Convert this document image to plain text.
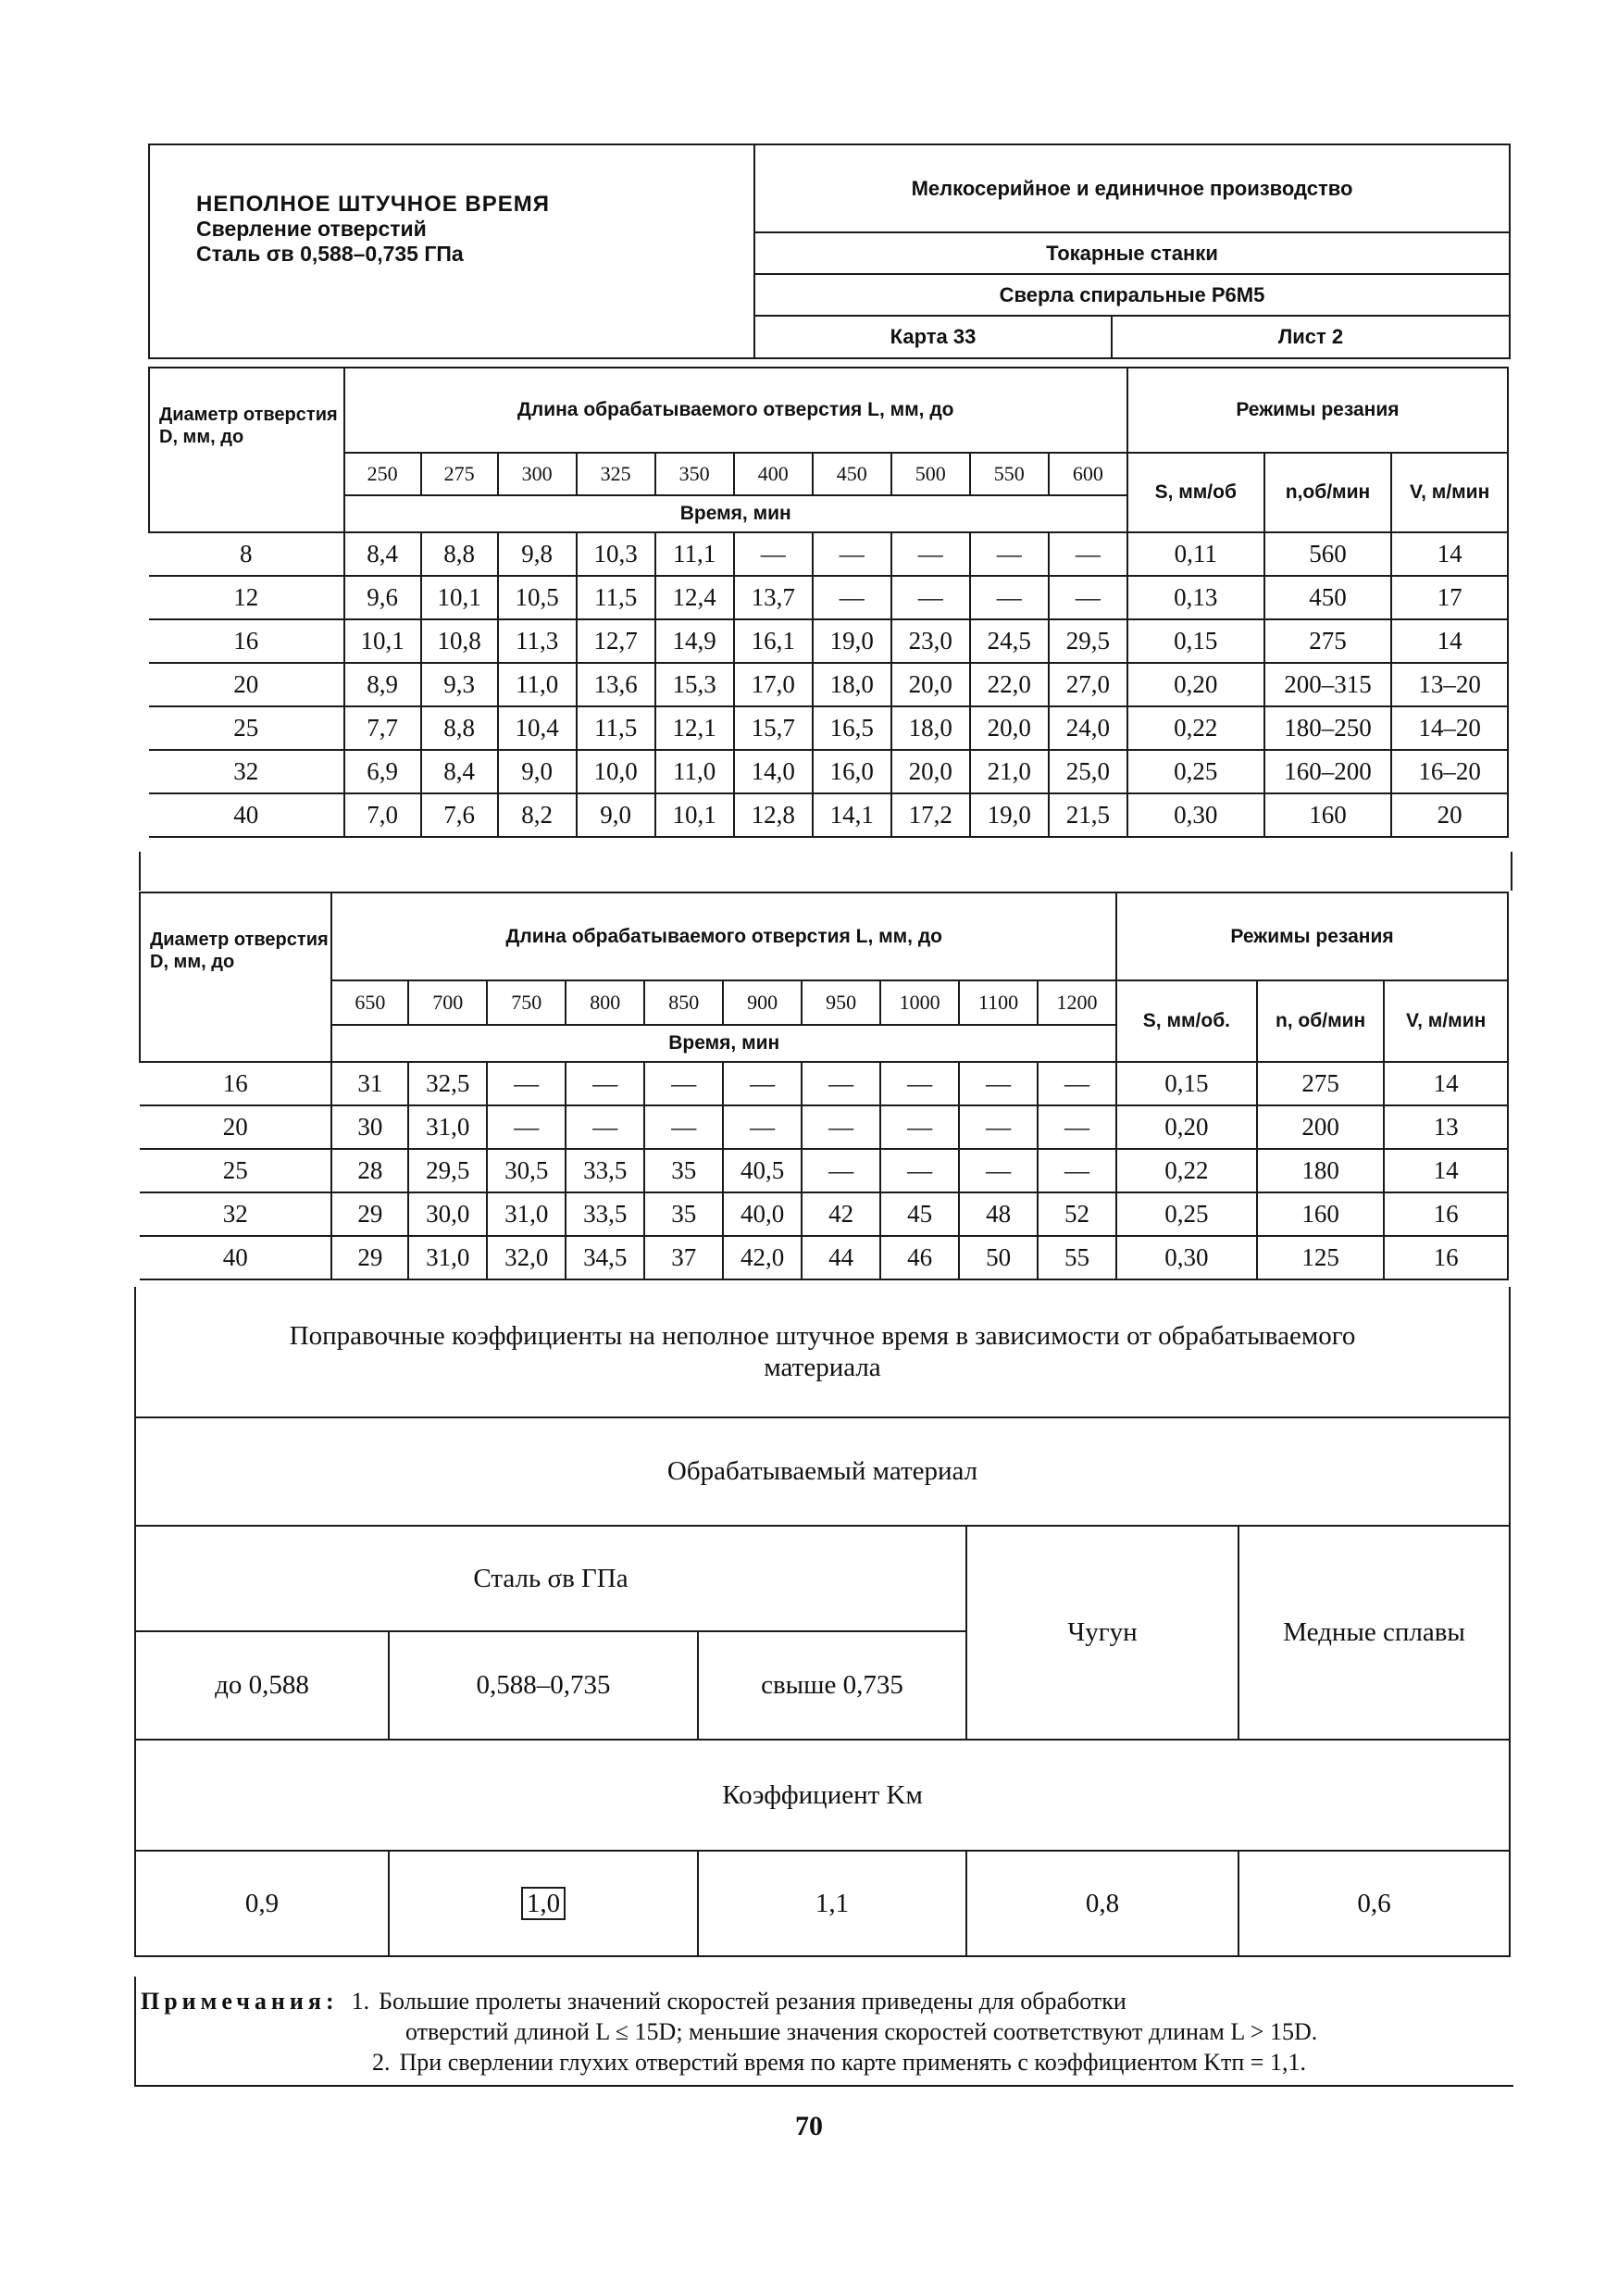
НЕПОЛНОЕ ШТУЧНОЕ ВРЕМЯ
Сверление отверстий
Сталь σв 0,588–0,735 ГПа	Мелкосерийное и единичное производство	
	Токарные станки	
	Сверла спиральные Р6М5	
	Карта 33	Лист 2
Диаметр отверстия D, мм, до	Длина обрабатываемого отверстия L, мм, до										Режимы резания		
	250	275	300	325	350	400	450	500	550	600	S, мм/об	n,об/мин	V, м/мин
	Время, мин												
8	8,4	8,8	9,8	10,3	11,1	—	—	—	—	—	0,11	560	14
12	9,6	10,1	10,5	11,5	12,4	13,7	—	—	—	—	0,13	450	17
16	10,1	10,8	11,3	12,7	14,9	16,1	19,0	23,0	24,5	29,5	0,15	275	14
20	8,9	9,3	11,0	13,6	15,3	17,0	18,0	20,0	22,0	27,0	0,20	200–315	13–20
25	7,7	8,8	10,4	11,5	12,1	15,7	16,5	18,0	20,0	24,0	0,22	180–250	14–20
32	6,9	8,4	9,0	10,0	11,0	14,0	16,0	20,0	21,0	25,0	0,25	160–200	16–20
40	7,0	7,6	8,2	9,0	10,1	12,8	14,1	17,2	19,0	21,5	0,30	160	20
Диаметр отверстия D, мм, до	Длина обрабатываемого отверстия L, мм, до										Режимы резания		
	650	700	750	800	850	900	950	1000	1100	1200	S, мм/об.	n, об/мин	V, м/мин
	Время, мин												
16	31	32,5	—	—	—	—	—	—	—	—	0,15	275	14
20	30	31,0	—	—	—	—	—	—	—	—	0,20	200	13
25	28	29,5	30,5	33,5	35	40,5	—	—	—	—	0,22	180	14
32	29	30,0	31,0	33,5	35	40,0	42	45	48	52	0,25	160	16
40	29	31,0	32,0	34,5	37	42,0	44	46	50	55	0,30	125	16
Поправочные коэффициенты на неполное штучное время в зависимости от обрабатываемого материала				
Обрабатываемый материал				
Сталь σв ГПа			Чугун	Медные сплавы
до 0,588	0,588–0,735	свыше 0,735		
Коэффициент Kм				
0,9	1,0	1,1	0,8	0,6
Примечания: 1. Большие пролеты значений скоростей резания приведены для обработки
отверстий длиной L ≤ 15D; меньшие значения скоростей соответствуют длинам L > 15D.
2. При сверлении глухих отверстий время по карте применять с коэффициентом Kтп = 1,1.
70
